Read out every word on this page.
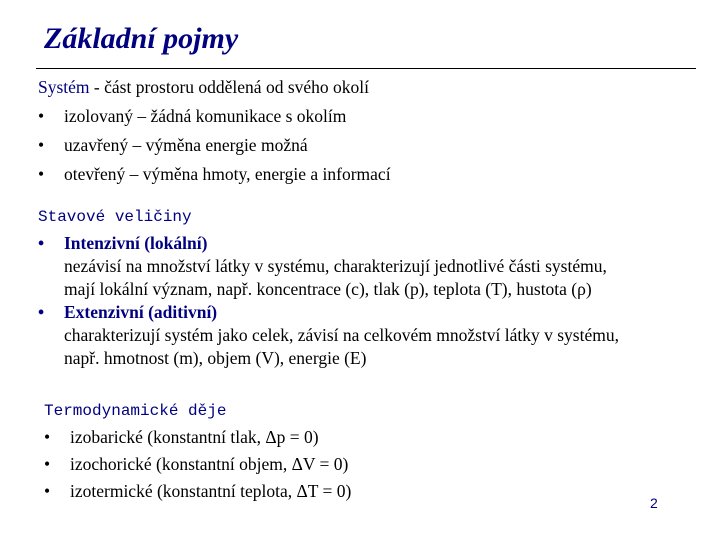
Základní pojmy
Systém - část prostoru oddělená od svého okolí
• izolovaný – žádná komunikace s okolím
• uzavřený – výměna energie možná
• otevřený – výměna hmoty, energie a informací
Stavové veličiny
• Intenzivní (lokální)
nezávisí na množství látky v systému, charakterizují jednotlivé části systému,
mají lokální význam, např. koncentrace (c), tlak (p), teplota (T), hustota (ρ)
• Extenzivní (aditivní)
charakterizují systém jako celek, závisí na celkovém množství látky v systému,
např. hmotnost (m), objem (V), energie (E)
Termodynamické děje
• izobarické (konstantní tlak, Δp = 0)
• izochorické (konstantní objem, ΔV = 0)
• izotermické (konstantní teplota, ΔT = 0)
2
